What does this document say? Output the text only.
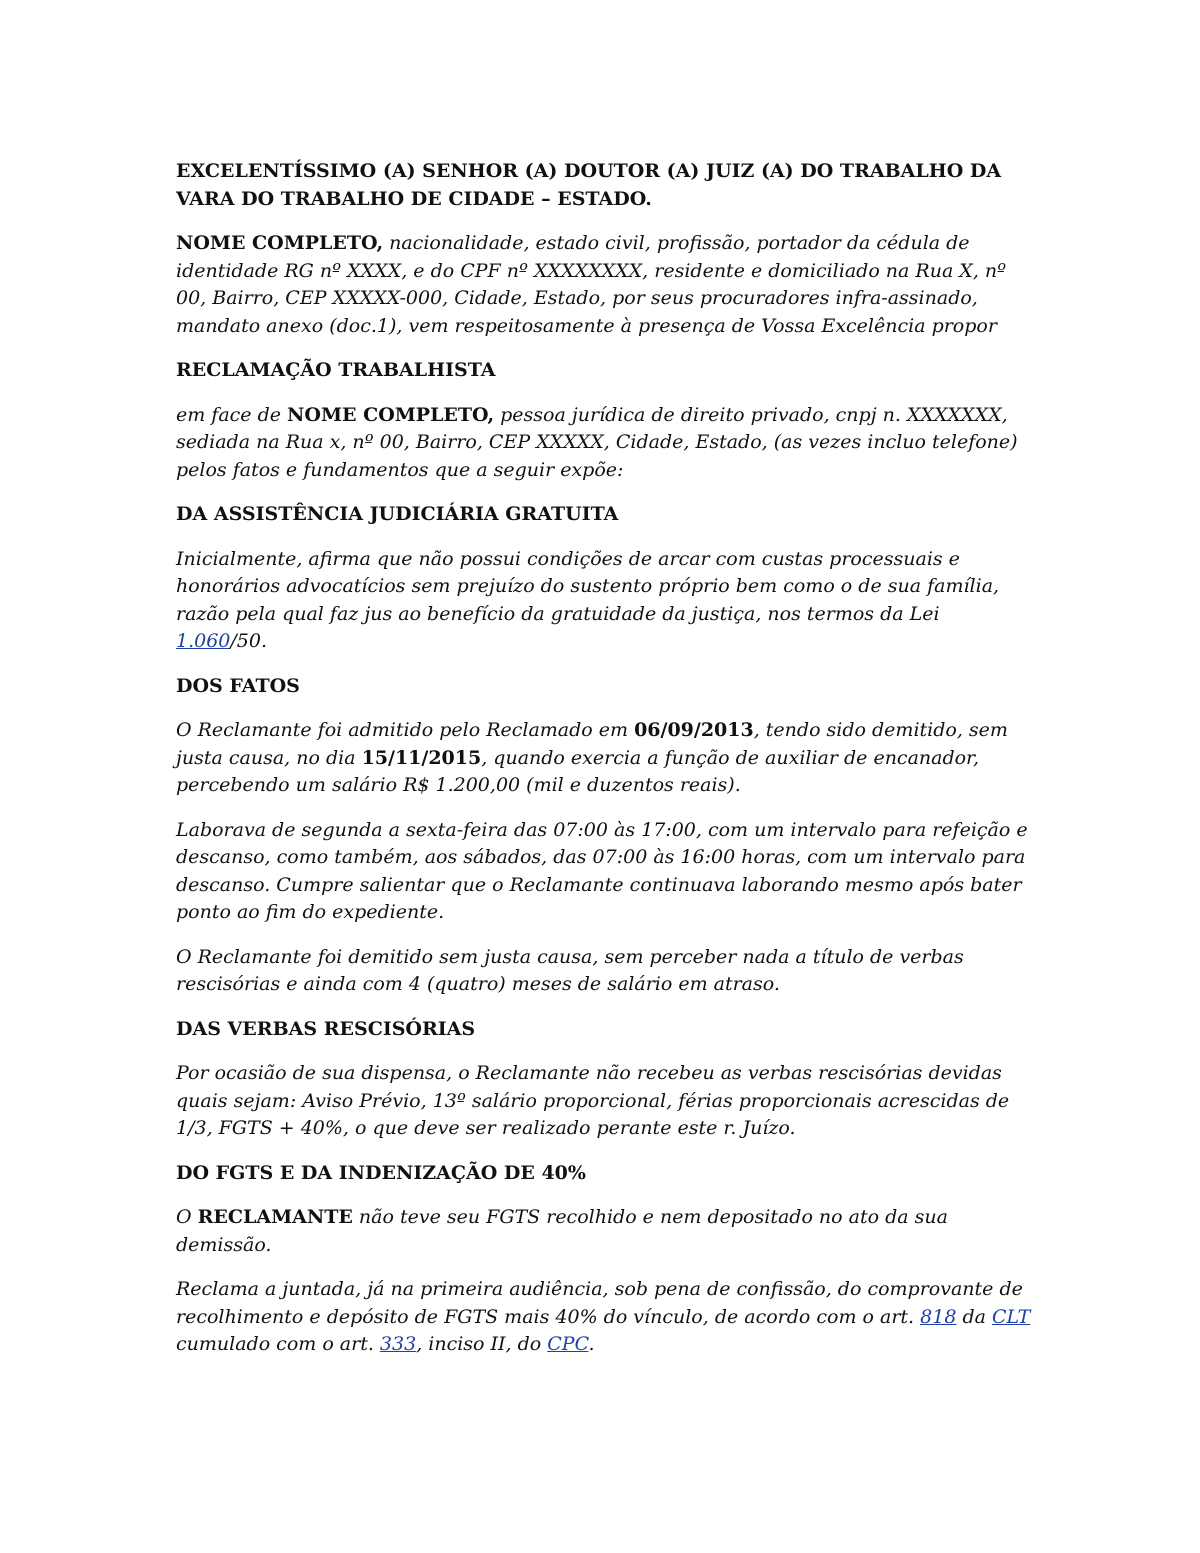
EXCELENTÍSSIMO (A) SENHOR (A) DOUTOR (A) JUIZ (A) DO TRABALHO DA VARA DO TRABALHO DE CIDADE – ESTADO.

NOME COMPLETO, nacionalidade, estado civil, profissão, portador da cédula de identidade RG nº XXXX, e do CPF nº XXXXXXXX, residente e domiciliado na Rua X, nº 00, Bairro, CEP XXXXX-000, Cidade, Estado, por seus procuradores infra-assinado, mandato anexo (doc.1), vem respeitosamente à presença de Vossa Excelência propor

RECLAMAÇÃO TRABALHISTA

em face de NOME COMPLETO, pessoa jurídica de direito privado, cnpj n. XXXXXXX, sediada na Rua x, nº 00, Bairro, CEP XXXXX, Cidade, Estado, (as vezes incluo telefone) pelos fatos e fundamentos que a seguir expõe:

DA ASSISTÊNCIA JUDICIÁRIA GRATUITA

Inicialmente, afirma que não possui condições de arcar com custas processuais e honorários advocatícios sem prejuízo do sustento próprio bem como o de sua família, razão pela qual faz jus ao benefício da gratuidade da justiça, nos termos da Lei 1.060/50.

DOS FATOS

O Reclamante foi admitido pelo Reclamado em 06/09/2013, tendo sido demitido, sem justa causa, no dia 15/11/2015, quando exercia a função de auxiliar de encanador, percebendo um salário R$ 1.200,00 (mil e duzentos reais).

Laborava de segunda a sexta-feira das 07:00 às 17:00, com um intervalo para refeição e descanso, como também, aos sábados, das 07:00 às 16:00 horas, com um intervalo para descanso. Cumpre salientar que o Reclamante continuava laborando mesmo após bater ponto ao fim do expediente.

O Reclamante foi demitido sem justa causa, sem perceber nada a título de verbas rescisórias e ainda com 4 (quatro) meses de salário em atraso.

DAS VERBAS RESCISÓRIAS

Por ocasião de sua dispensa, o Reclamante não recebeu as verbas rescisórias devidas quais sejam: Aviso Prévio, 13º salário proporcional, férias proporcionais acrescidas de 1/3, FGTS + 40%, o que deve ser realizado perante este r. Juízo.

DO FGTS E DA INDENIZAÇÃO DE 40%

O RECLAMANTE não teve seu FGTS recolhido e nem depositado no ato da sua demissão.

Reclama a juntada, já na primeira audiência, sob pena de confissão, do comprovante de recolhimento e depósito de FGTS mais 40% do vínculo, de acordo com o art. 818 da CLT cumulado com o art. 333, inciso II, do CPC.
